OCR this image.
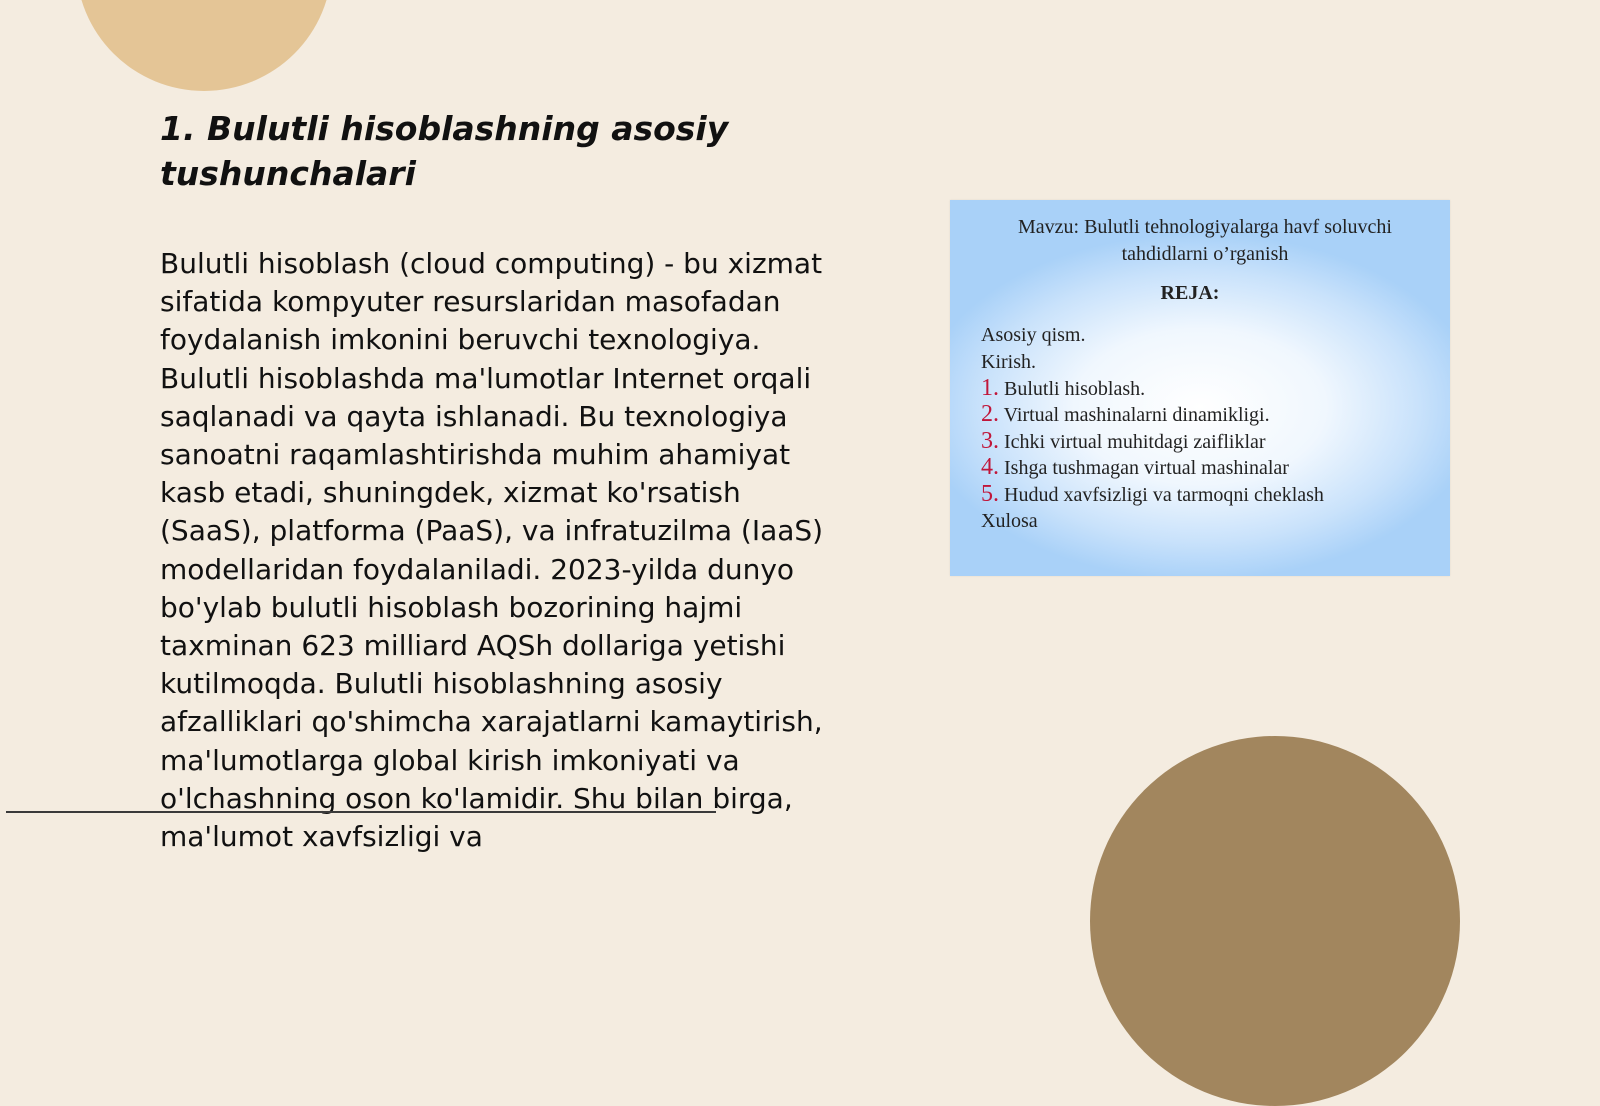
1. Bulutli hisoblashning asosiy tushunchalari

Bulutli hisoblash (cloud computing) - bu xizmat sifatida kompyuter resurslaridan masofadan foydalanish imkonini beruvchi texnologiya. Bulutli hisoblashda ma'lumotlar Internet orqali saqlanadi va qayta ishlanadi. Bu texnologiya sanoatni raqamlashtirishda muhim ahamiyat kasb etadi, shuningdek, xizmat ko'rsatish (SaaS), platforma (PaaS), va infratuzilma (IaaS) modellaridan foydalaniladi. 2023-yilda dunyo bo'ylab bulutli hisoblash bozorining hajmi taxminan 623 milliard AQSh dollariga yetishi kutilmoqda. Bulutli hisoblashning asosiy afzalliklari qo'shimcha xarajatlarni kamaytirish, ma'lumotlarga global kirish imkoniyati va o'lchashning oson ko'lamidir. Shu bilan birga, ma'lumot xavfsizligi va

Mavzu: Bulutli tehnologiyalarga havf soluvchi tahdidlarni o’rganish
REJA:
Asosiy qism.
Kirish.
1. Bulutli hisoblash.
2. Virtual mashinalarni dinamikligi.
3. Ichki virtual muhitdagi zaifliklar
4. Ishga tushmagan virtual mashinalar
5. Hudud xavfsizligi va tarmoqni cheklash
Xulosa
